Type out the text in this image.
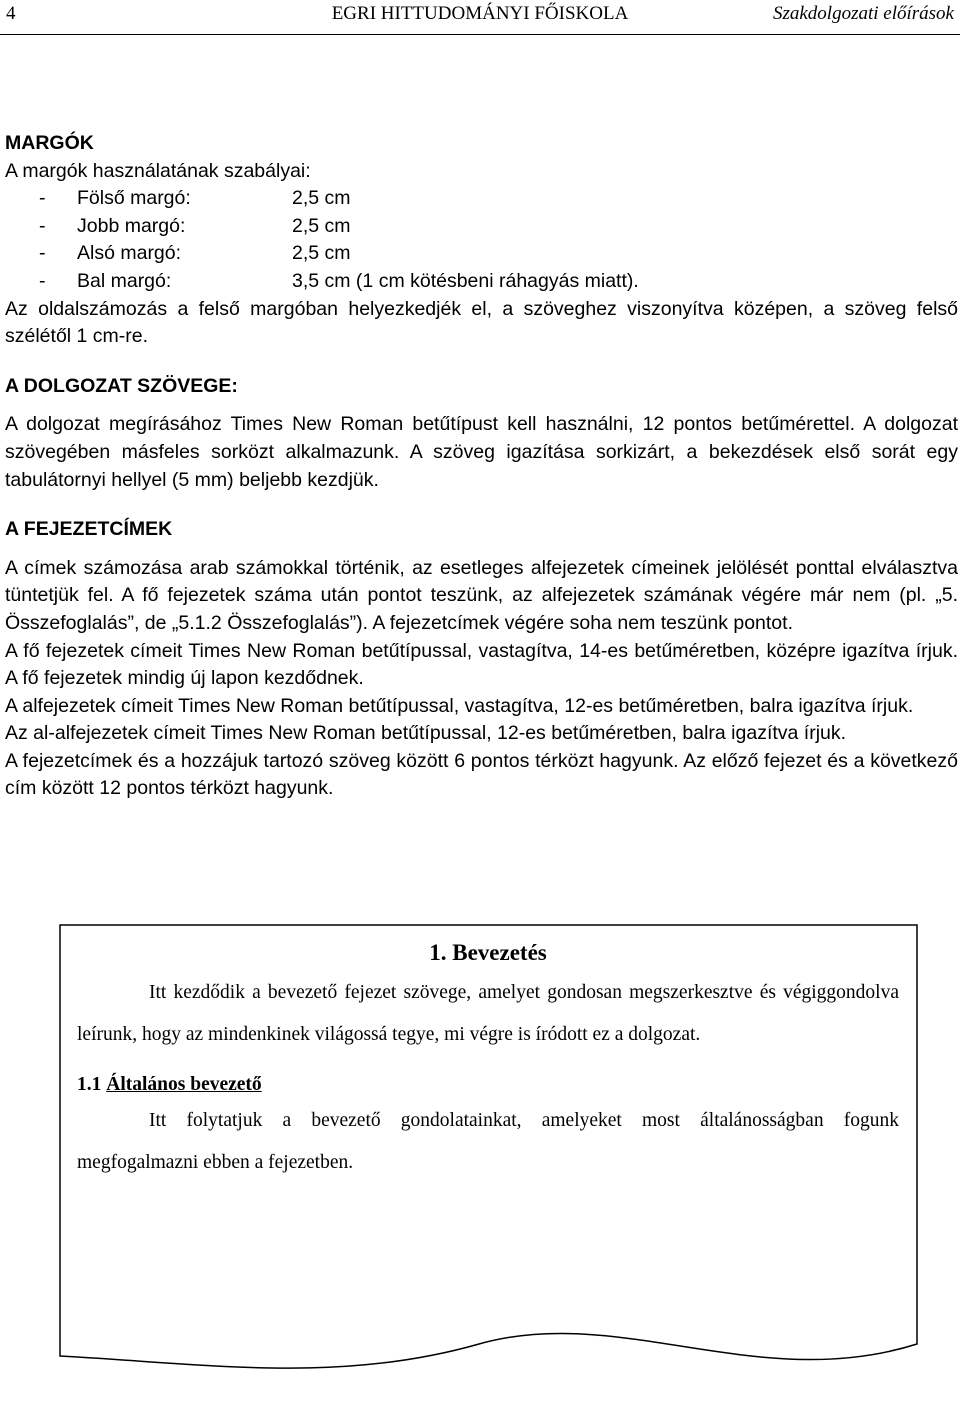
4	EGRI HITTUDOMÁNYI FŐISKOLA	Szakdolgozati előírások

MARGÓK

A margók használatának szabályai:

- Fölső margó:	2,5 cm
- Jobb margó:	2,5 cm
- Alsó margó:	2,5 cm
- Bal margó:	3,5 cm (1 cm kötésbeni ráhagyás miatt).

Az oldalszámozás a felső margóban helyezkedjék el, a szöveghez viszonyítva középen, a szöveg felső szélétől 1 cm-re.

A DOLGOZAT SZÖVEGE:

A dolgozat megírásához Times New Roman betűtípust kell használni, 12 pontos betűmérettel. A dolgozat szövegében másfeles sorközt alkalmazunk. A szöveg igazítása sorkizárt, a bekezdések első sorát egy tabulátornyi hellyel (5 mm) beljebb kezdjük.

A FEJEZETCÍMEK

A címek számozása arab számokkal történik, az esetleges alfejezetek címeinek jelölését ponttal elválasztva tüntetjük fel. A fő fejezetek száma után pontot teszünk, az alfejezetek számának végére már nem (pl. „5. Összefoglalás”, de „5.1.2 Összefoglalás”). A fejezetcímek végére soha nem teszünk pontot.

A fő fejezetek címeit Times New Roman betűtípussal, vastagítva, 14-es betűméretben, középre igazítva írjuk. A fő fejezetek mindig új lapon kezdődnek.

A alfejezetek címeit Times New Roman betűtípussal, vastagítva, 12-es betűméretben, balra igazítva írjuk.

Az al-alfejezetek címeit Times New Roman betűtípussal, 12-es betűméretben, balra igazítva írjuk.

A fejezetcímek és a hozzájuk tartozó szöveg között 6 pontos térközt hagyunk. Az előző fejezet és a következő cím között 12 pontos térközt hagyunk.

1. Bevezetés

Itt kezdődik a bevezető fejezet szövege, amelyet gondosan megszerkesztve és végiggondolva leírunk, hogy az mindenkinek világossá tegye, mi végre is íródott ez a dolgozat.

1.1 Általános bevezető

Itt folytatjuk a bevezető gondolatainkat, amelyeket most általánosságban fogunk megfogalmazni ebben a fejezetben.
